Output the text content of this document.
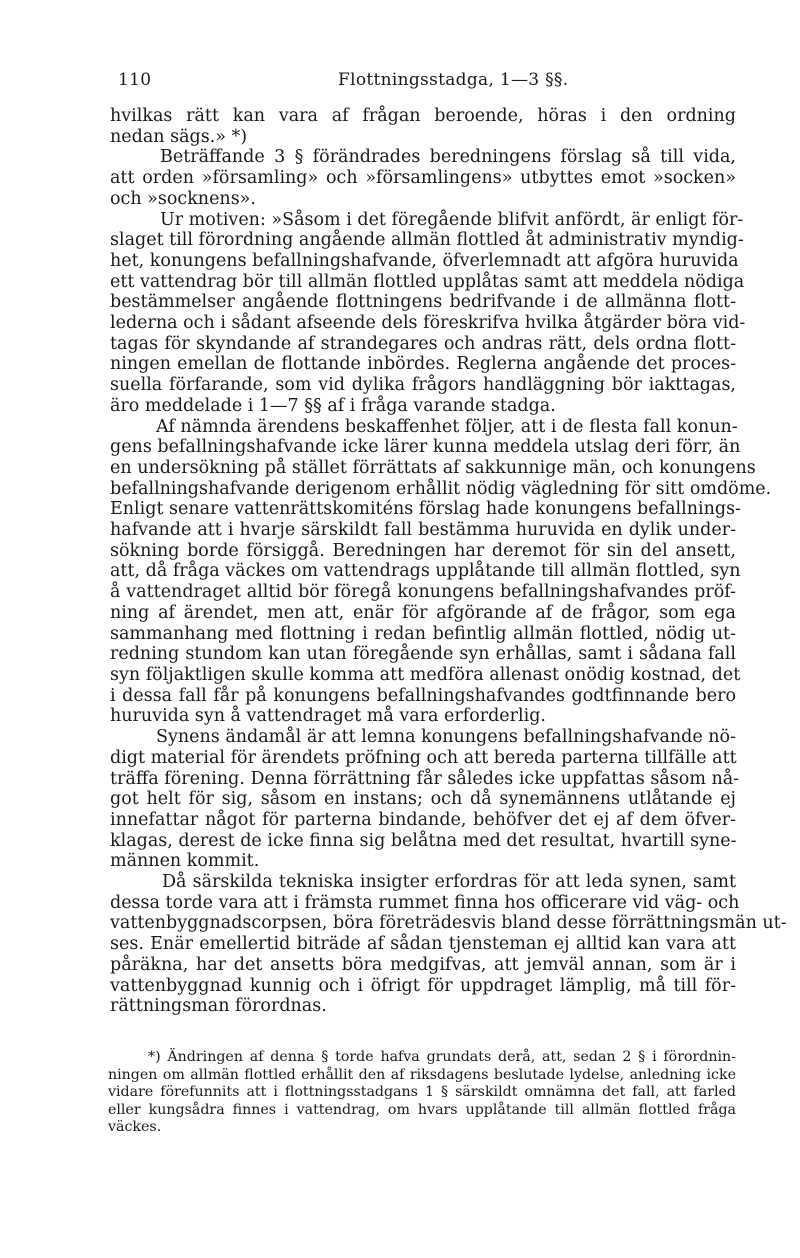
110	Flottningsstadga, 1—3 §§.
hvilkas rätt kan vara af frågan beroende, höras i den ordning
nedan sägs.» *)
Beträffande 3 § förändrades beredningens förslag så till vida,
att orden »församling» och »församlingens» utbyttes emot »socken»
och »socknens».
Ur motiven: »Såsom i det föregående blifvit anfördt, är enligt för-
slaget till förordning angående allmän flottled åt administrativ myndig-
het, konungens befallningshafvande, öfverlemnadt att afgöra huruvida
ett vattendrag bör till allmän flottled upplåtas samt att meddela nödiga
bestämmelser angående flottningens bedrifvande i de allmänna flott-
lederna och i sådant afseende dels föreskrifva hvilka åtgärder böra vid-
tagas för skyndande af strandegares och andras rätt, dels ordna flott-
ningen emellan de flottande inbördes. Reglerna angående det proces-
suella förfarande, som vid dylika frågors handläggning bör iakttagas,
äro meddelade i 1—7 §§ af i fråga varande stadga.
Af nämnda ärendens beskaffenhet följer, att i de flesta fall konun-
gens befallningshafvande icke lärer kunna meddela utslag deri förr, än
en undersökning på stället förrättats af sakkunnige män, och konungens
befallningshafvande derigenom erhållit nödig vägledning för sitt omdöme.
Enligt senare vattenrättskomiténs förslag hade konungens befallnings-
hafvande att i hvarje särskildt fall bestämma huruvida en dylik under-
sökning borde försiggå. Beredningen har deremot för sin del ansett,
att, då fråga väckes om vattendrags upplåtande till allmän flottled, syn
å vattendraget alltid bör föregå konungens befallningshafvandes pröf-
ning af ärendet, men att, enär för afgörande af de frågor, som ega
sammanhang med flottning i redan befintlig allmän flottled, nödig ut-
redning stundom kan utan föregående syn erhållas, samt i sådana fall
syn följaktligen skulle komma att medföra allenast onödig kostnad, det
i dessa fall får på konungens befallningshafvandes godtfinnande bero
huruvida syn å vattendraget må vara erforderlig.
Synens ändamål är att lemna konungens befallningshafvande nö-
digt material för ärendets pröfning och att bereda parterna tillfälle att
träffa förening. Denna förrättning får således icke uppfattas såsom nå-
got helt för sig, såsom en instans; och då synemännens utlåtande ej
innefattar något för parterna bindande, behöfver det ej af dem öfver-
klagas, derest de icke finna sig belåtna med det resultat, hvartill syne-
männen kommit.
Då särskilda tekniska insigter erfordras för att leda synen, samt
dessa torde vara att i främsta rummet finna hos officerare vid väg- och
vattenbyggnadscorpsen, böra företrädesvis bland desse förrättningsmän ut-
ses. Enär emellertid biträde af sådan tjensteman ej alltid kan vara att
påräkna, har det ansetts böra medgifvas, att jemväl annan, som är i
vattenbyggnad kunnig och i öfrigt för uppdraget lämplig, må till för-
rättningsman förordnas.
*) Ändringen af denna § torde hafva grundats derå, att, sedan 2 § i förordnin-
ningen om allmän flottled erhållit den af riksdagens beslutade lydelse, anledning icke
vidare förefunnits att i flottningsstadgans 1 § särskildt omnämna det fall, att farled
eller kungsådra finnes i vattendrag, om hvars upplåtande till allmän flottled fråga
väckes.
